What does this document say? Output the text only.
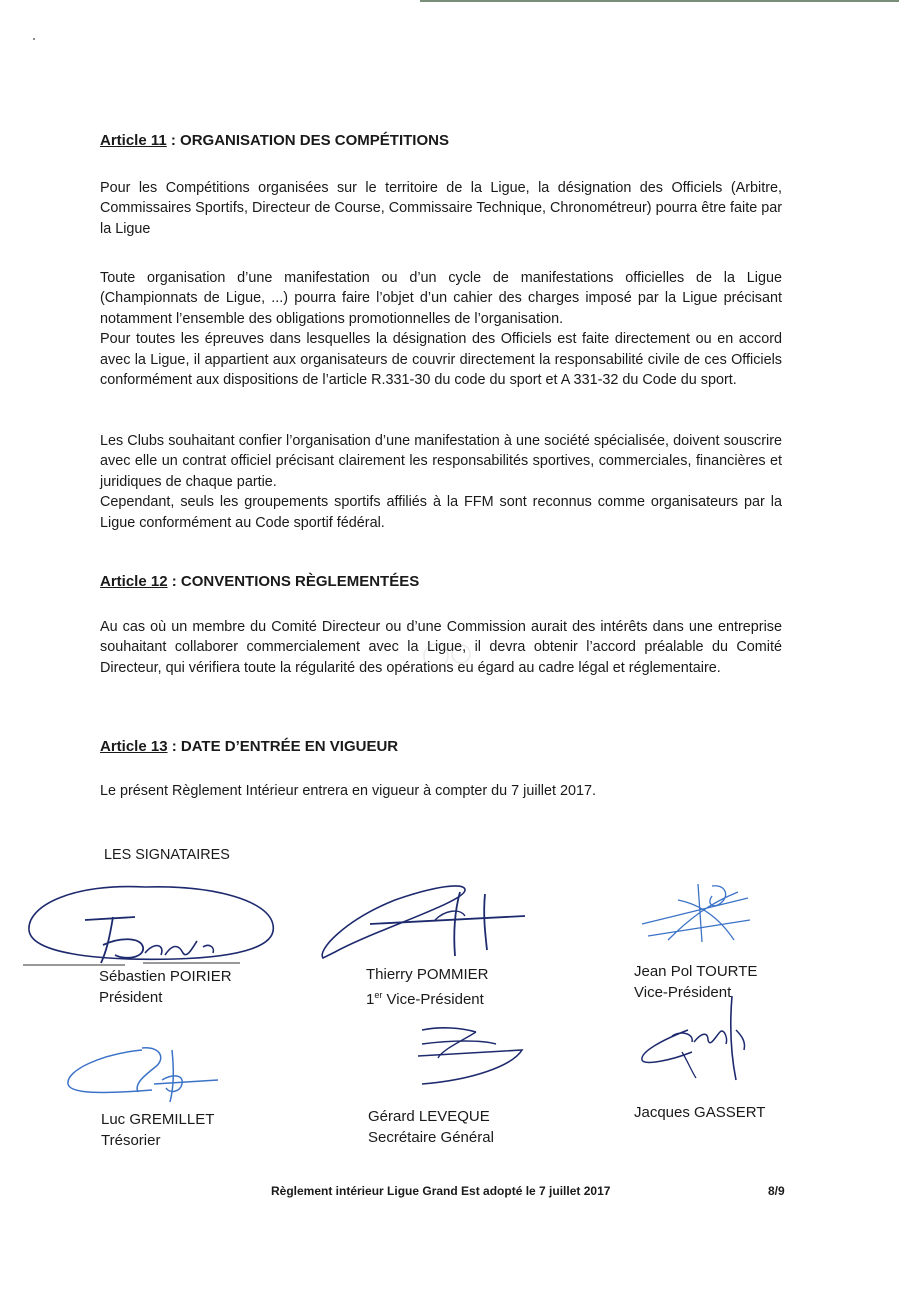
Article 11 : ORGANISATION DES COMPÉTITIONS

Pour les Compétitions organisées sur le territoire de la Ligue, la désignation des Officiels (Arbitre, Commissaires Sportifs, Directeur de Course, Commissaire Technique, Chronométreur) pourra être faite par la Ligue

Toute organisation d’une manifestation ou d’un cycle de manifestations officielles de la Ligue (Championnats de Ligue, ...) pourra faire l’objet d’un cahier des charges imposé par la Ligue précisant notamment l’ensemble des obligations promotionnelles de l’organisation.

Pour toutes les épreuves dans lesquelles la désignation des Officiels est faite directement ou en accord avec la Ligue, il appartient aux organisateurs de couvrir directement la responsabilité civile de ces Officiels conformément aux dispositions de l’article R.331-30 du code du sport et A 331-32 du Code du sport.

Les Clubs souhaitant confier l’organisation d’une manifestation à une société spécialisée, doivent souscrire avec elle un contrat officiel précisant clairement les responsabilités sportives, commerciales, financières et juridiques de chaque partie.

Cependant, seuls les groupements sportifs affiliés à la FFM sont reconnus comme organisateurs par la Ligue conformément au Code sportif fédéral.

Article 12 : CONVENTIONS RÈGLEMENTÉES

Au cas où un membre du Comité Directeur ou d’une Commission aurait des intérêts dans une entreprise souhaitant collaborer commercialement avec la Ligue, il devra obtenir l’accord préalable du Comité Directeur, qui vérifiera toute la régularité des opérations eu égard au cadre légal et réglementaire.

Article 13 : DATE D’ENTRÉE EN VIGUEUR
Le présent Règlement Intérieur entrera en vigueur à compter du 7 juillet 2017.
LES SIGNATAIRES
Sébastien POIRIER
Président
Thierry POMMIER
1er Vice-Président
Jean Pol TOURTE
Vice-Président
Luc GREMILLET
Trésorier
Gérard LEVEQUE
Secrétaire Général
Jacques GASSERT
Règlement intérieur Ligue Grand Est adopté le 7 juillet 2017	8/9
